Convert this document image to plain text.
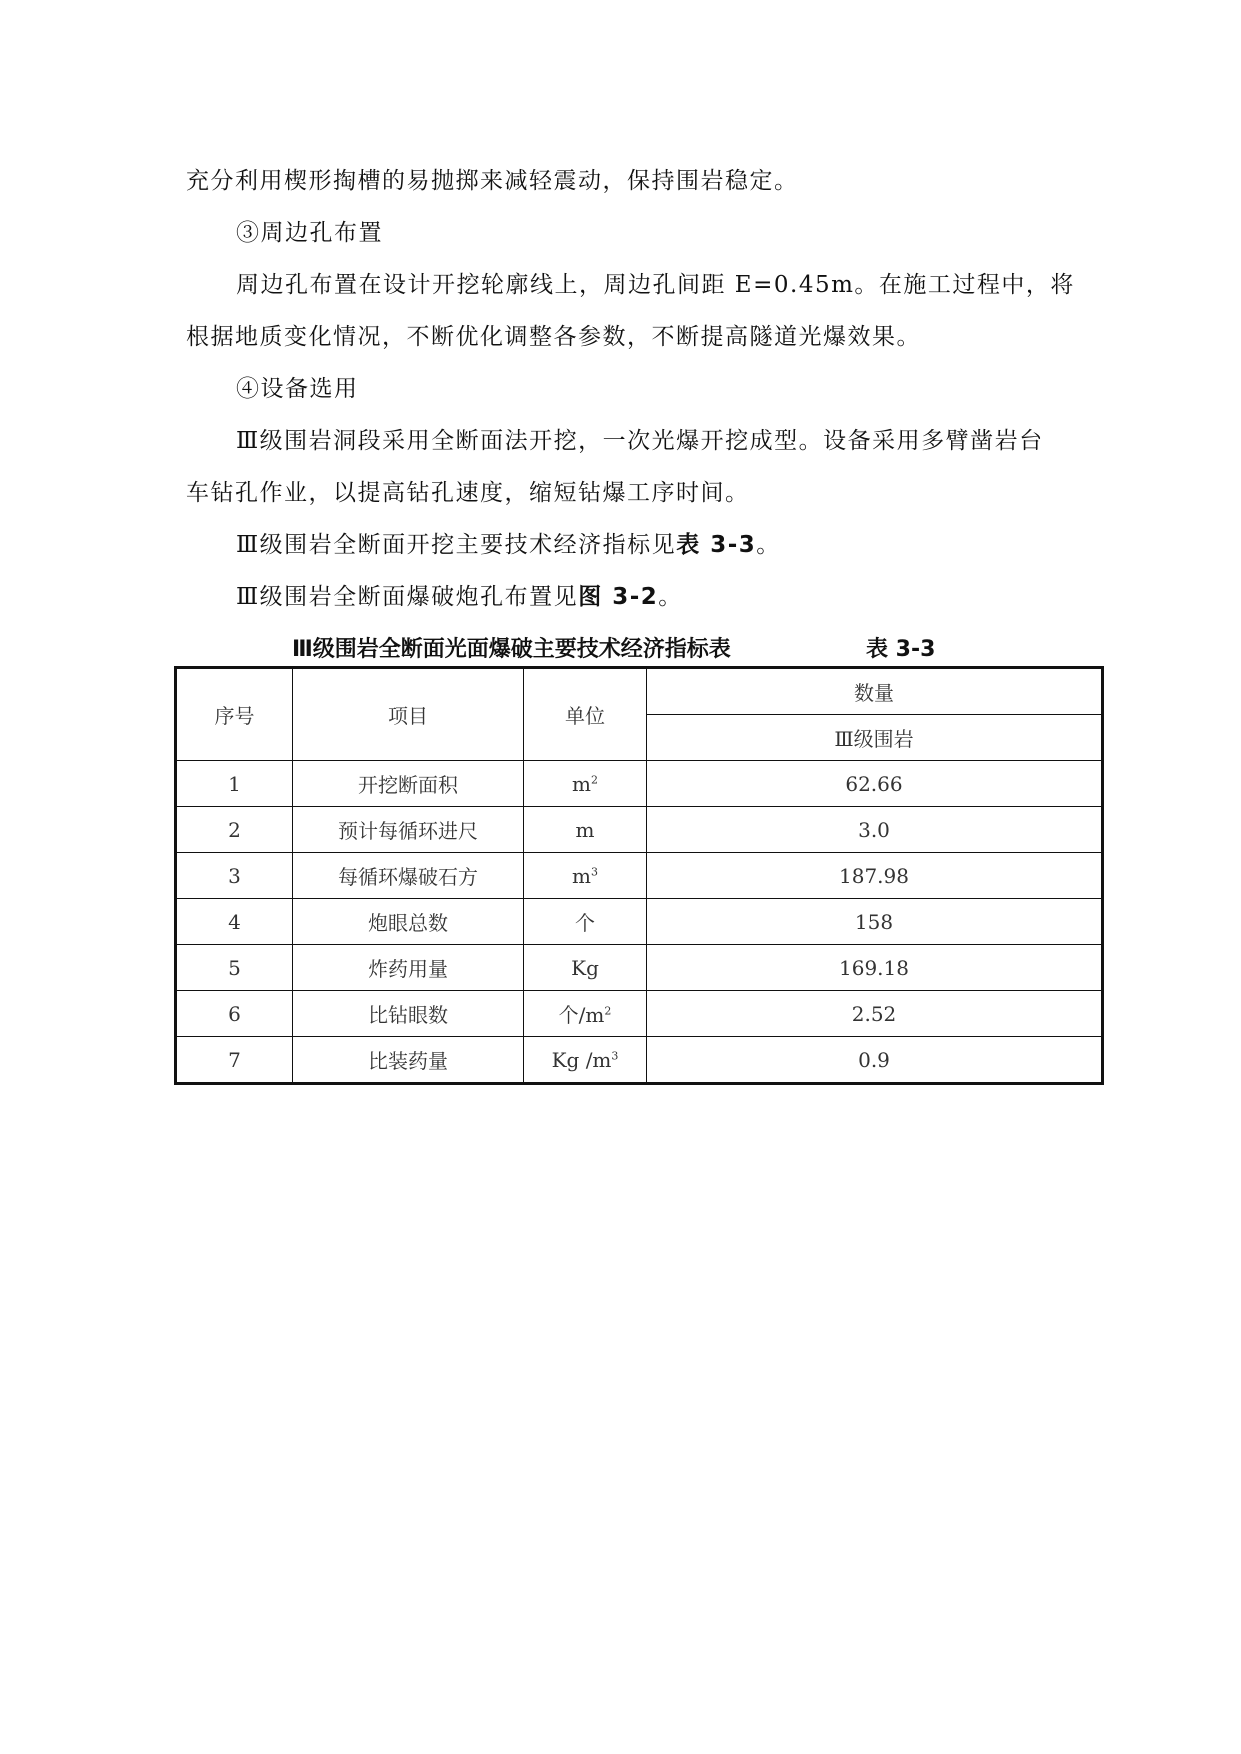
充分利用楔形掏槽的易抛掷来减轻震动，保持围岩稳定。
③周边孔布置
周边孔布置在设计开挖轮廓线上，周边孔间距 E=0.45m。在施工过程中，将
根据地质变化情况，不断优化调整各参数，不断提高隧道光爆效果。
④设备选用
Ⅲ级围岩洞段采用全断面法开挖，一次光爆开挖成型。设备采用多臂凿岩台
车钻孔作业，以提高钻孔速度，缩短钻爆工序时间。
Ⅲ级围岩全断面开挖主要技术经济指标见表 3-3。
Ⅲ级围岩全断面爆破炮孔布置见图 3-2。
Ⅲ级围岩全断面光面爆破主要技术经济指标表	表 3-3
序号	项目	单位	数量
			Ⅲ级围岩
1	开挖断面积	$m^2$	62.66
2	预计每循环进尺	m	3.0
3	每循环爆破石方	$m^3$	187.98
4	炮眼总数	个	158
5	炸药用量	Kg	169.18
6	比钻眼数	个$/m^2$	2.52
7	比装药量	Kg $/m^3$	0.9
